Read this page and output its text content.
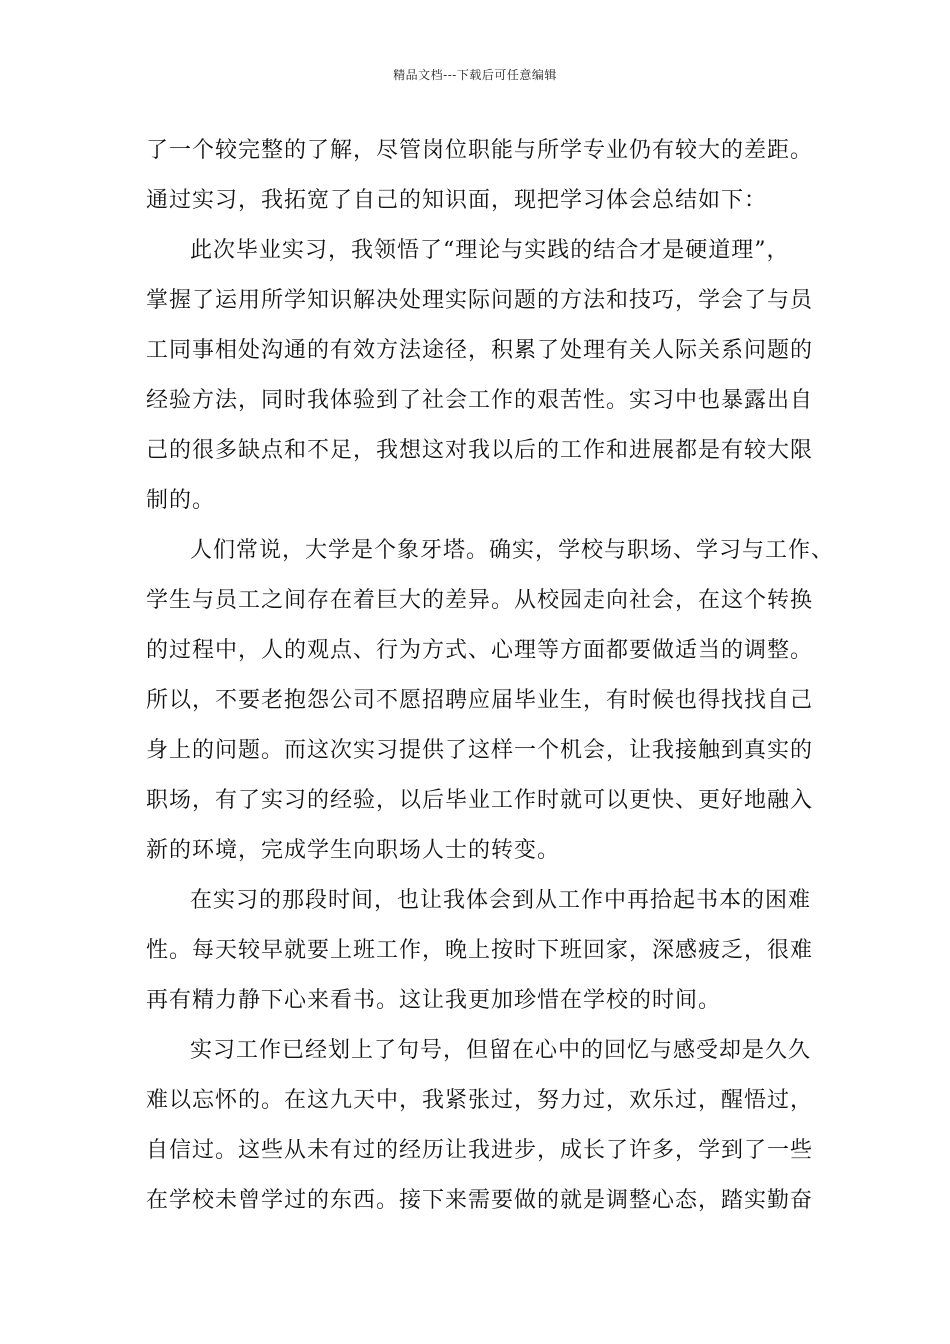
精品文档---下载后可任意编辑
了一个较完整的了解，尽管岗位职能与所学专业仍有较大的差距。
通过实习，我拓宽了自己的知识面，现把学习体会总结如下：
此次毕业实习，我领悟了“理论与实践的结合才是硬道理”，
掌握了运用所学知识解决处理实际问题的方法和技巧，学会了与员
工同事相处沟通的有效方法途径，积累了处理有关人际关系问题的
经验方法，同时我体验到了社会工作的艰苦性。实习中也暴露出自
己的很多缺点和不足，我想这对我以后的工作和进展都是有较大限
制的。
人们常说，大学是个象牙塔。确实，学校与职场、学习与工作、
学生与员工之间存在着巨大的差异。从校园走向社会，在这个转换
的过程中，人的观点、行为方式、心理等方面都要做适当的调整。
所以，不要老抱怨公司不愿招聘应届毕业生，有时候也得找找自己
身上的问题。而这次实习提供了这样一个机会，让我接触到真实的
职场，有了实习的经验，以后毕业工作时就可以更快、更好地融入
新的环境，完成学生向职场人士的转变。
在实习的那段时间，也让我体会到从工作中再拾起书本的困难
性。每天较早就要上班工作，晚上按时下班回家，深感疲乏，很难
再有精力静下心来看书。这让我更加珍惜在学校的时间。
实习工作已经划上了句号，但留在心中的回忆与感受却是久久
难以忘怀的。在这九天中，我紧张过，努力过，欢乐过，醒悟过，
自信过。这些从未有过的经历让我进步，成长了许多，学到了一些
在学校未曾学过的东西。接下来需要做的就是调整心态，踏实勤奋
